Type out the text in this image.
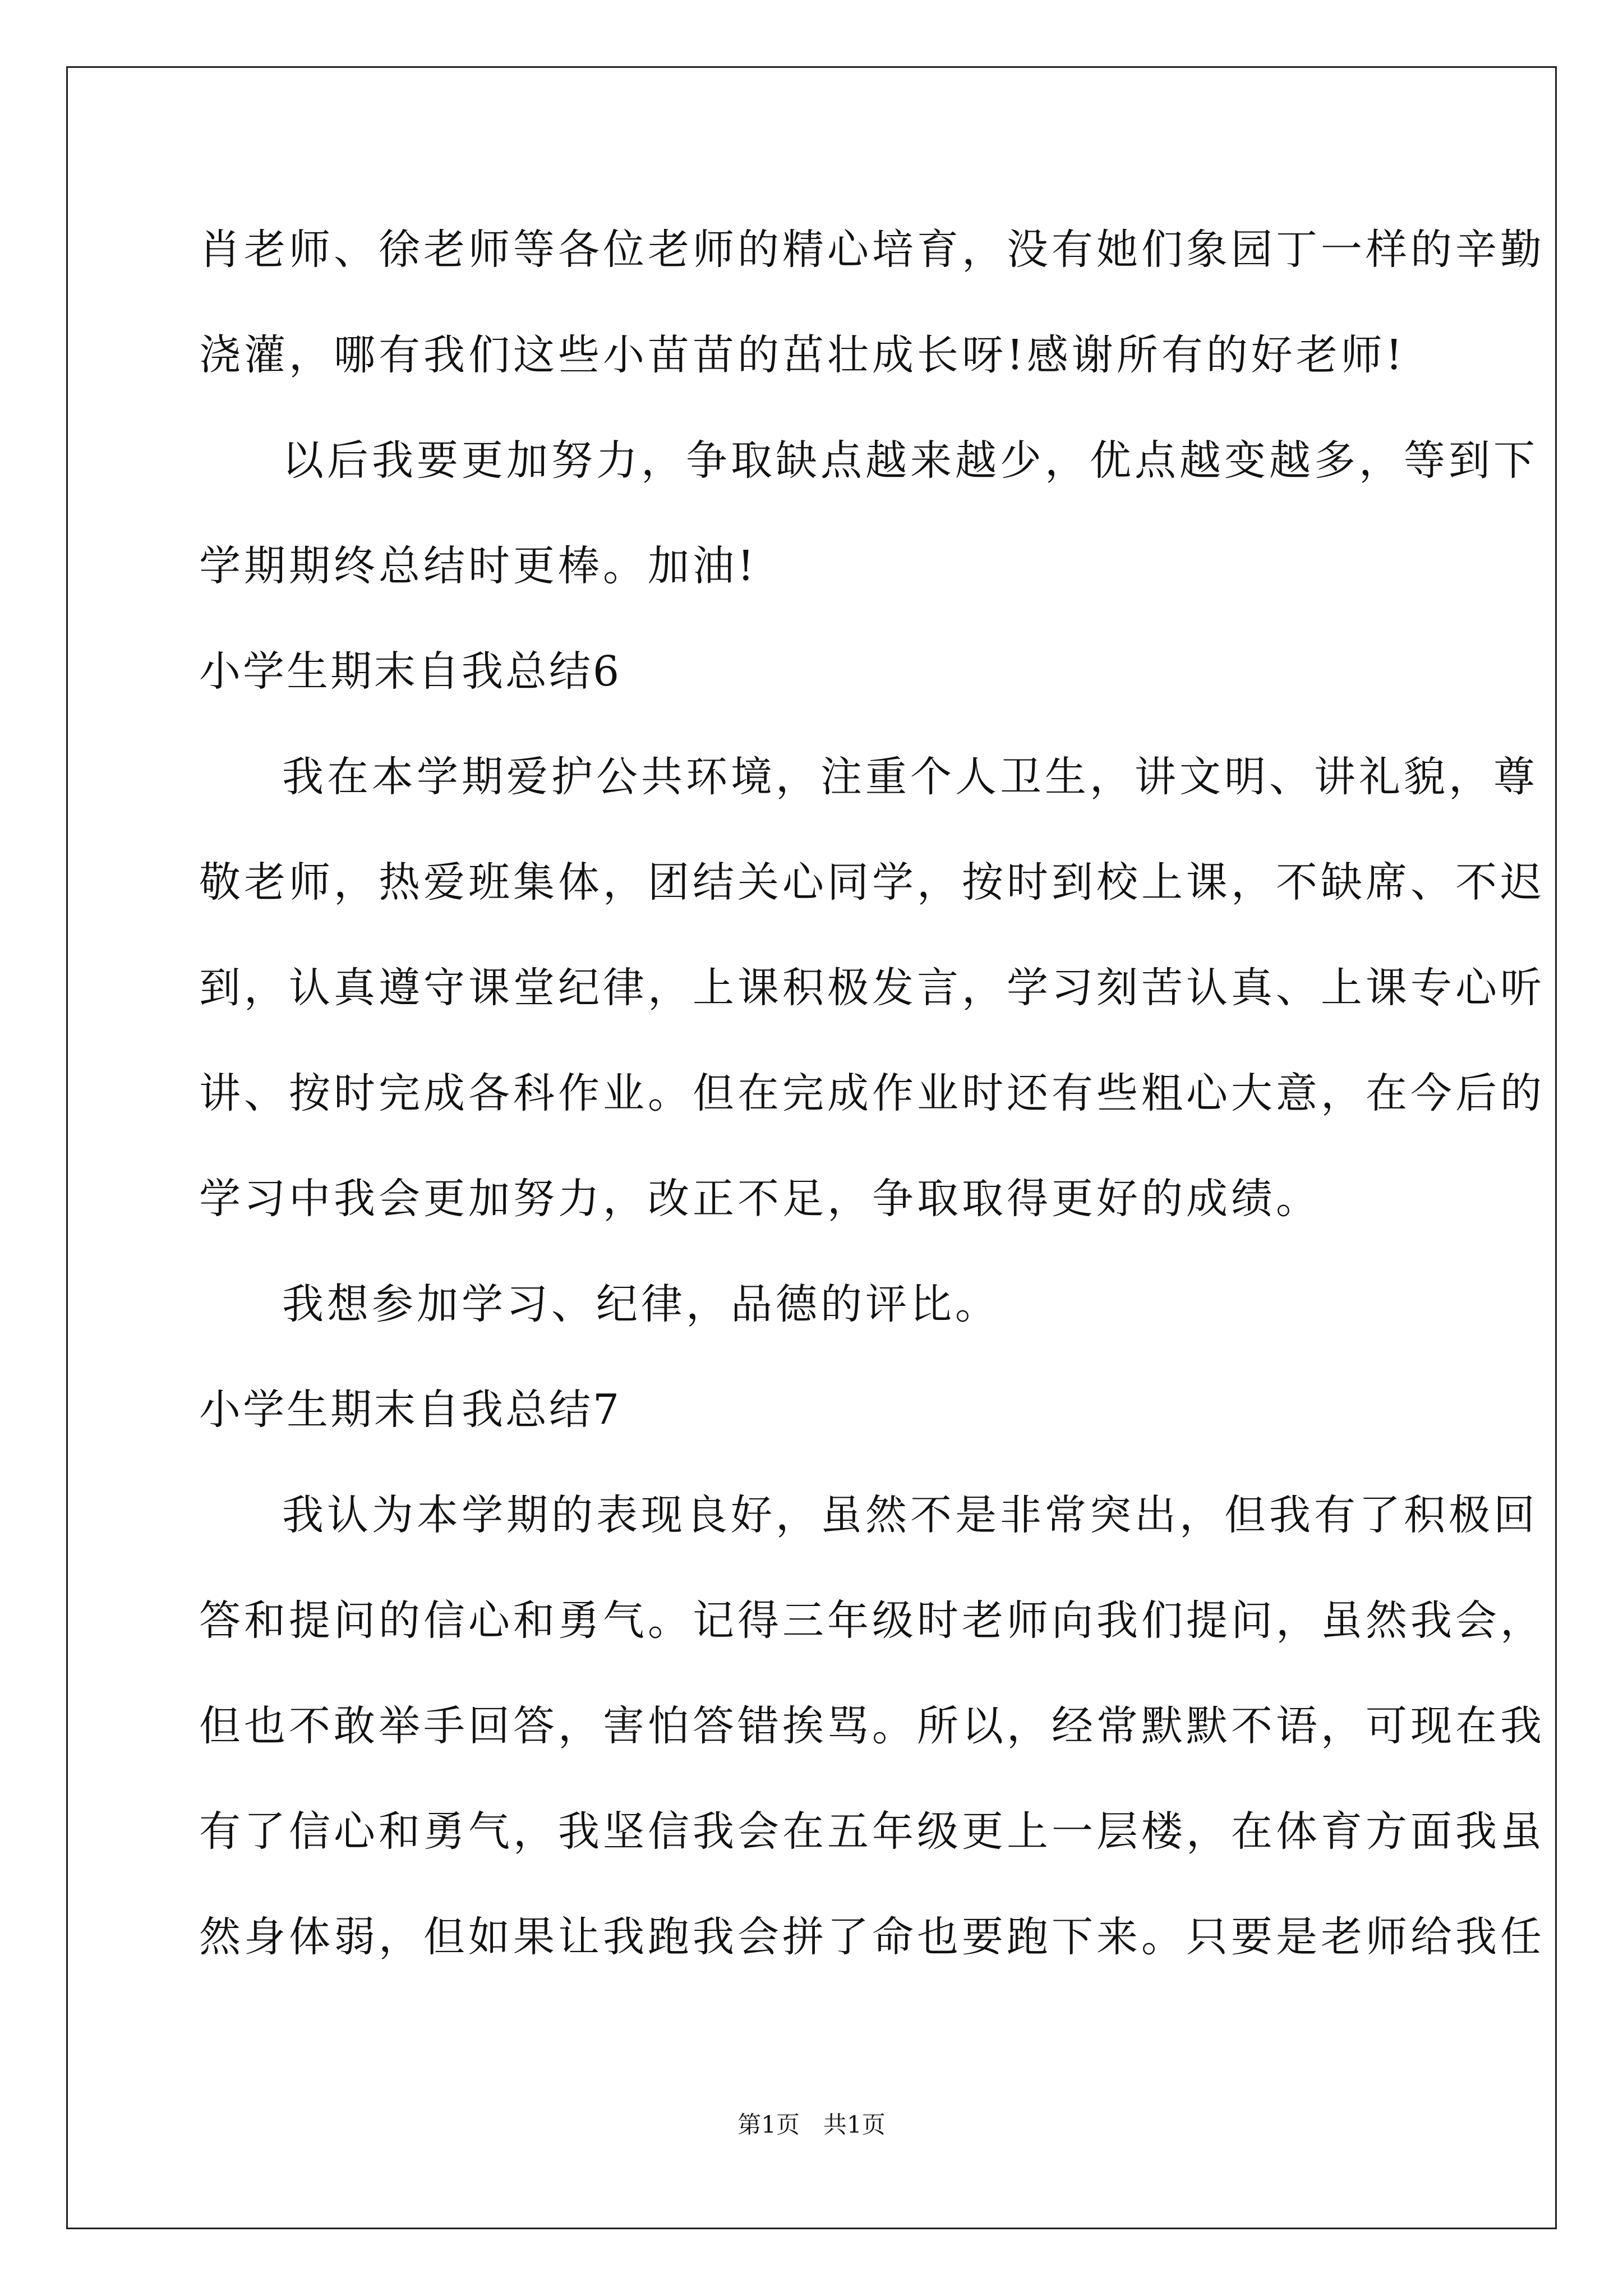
肖老师、徐老师等各位老师的精心培育，没有她们象园丁一样的辛勤
浇灌，哪有我们这些小苗苗的茁壮成长呀!感谢所有的好老师!
以后我要更加努力，争取缺点越来越少，优点越变越多，等到下
学期期终总结时更棒。加油!
小学生期末自我总结6
我在本学期爱护公共环境，注重个人卫生，讲文明、讲礼貌，尊
敬老师，热爱班集体，团结关心同学，按时到校上课，不缺席、不迟
到，认真遵守课堂纪律，上课积极发言，学习刻苦认真、上课专心听
讲、按时完成各科作业。但在完成作业时还有些粗心大意，在今后的
学习中我会更加努力，改正不足，争取取得更好的成绩。
我想参加学习、纪律，品德的评比。
小学生期末自我总结7
我认为本学期的表现良好，虽然不是非常突出，但我有了积极回
答和提问的信心和勇气。记得三年级时老师向我们提问，虽然我会，
但也不敢举手回答，害怕答错挨骂。所以，经常默默不语，可现在我
有了信心和勇气，我坚信我会在五年级更上一层楼，在体育方面我虽
然身体弱，但如果让我跑我会拼了命也要跑下来。只要是老师给我任
第1页　共1页
